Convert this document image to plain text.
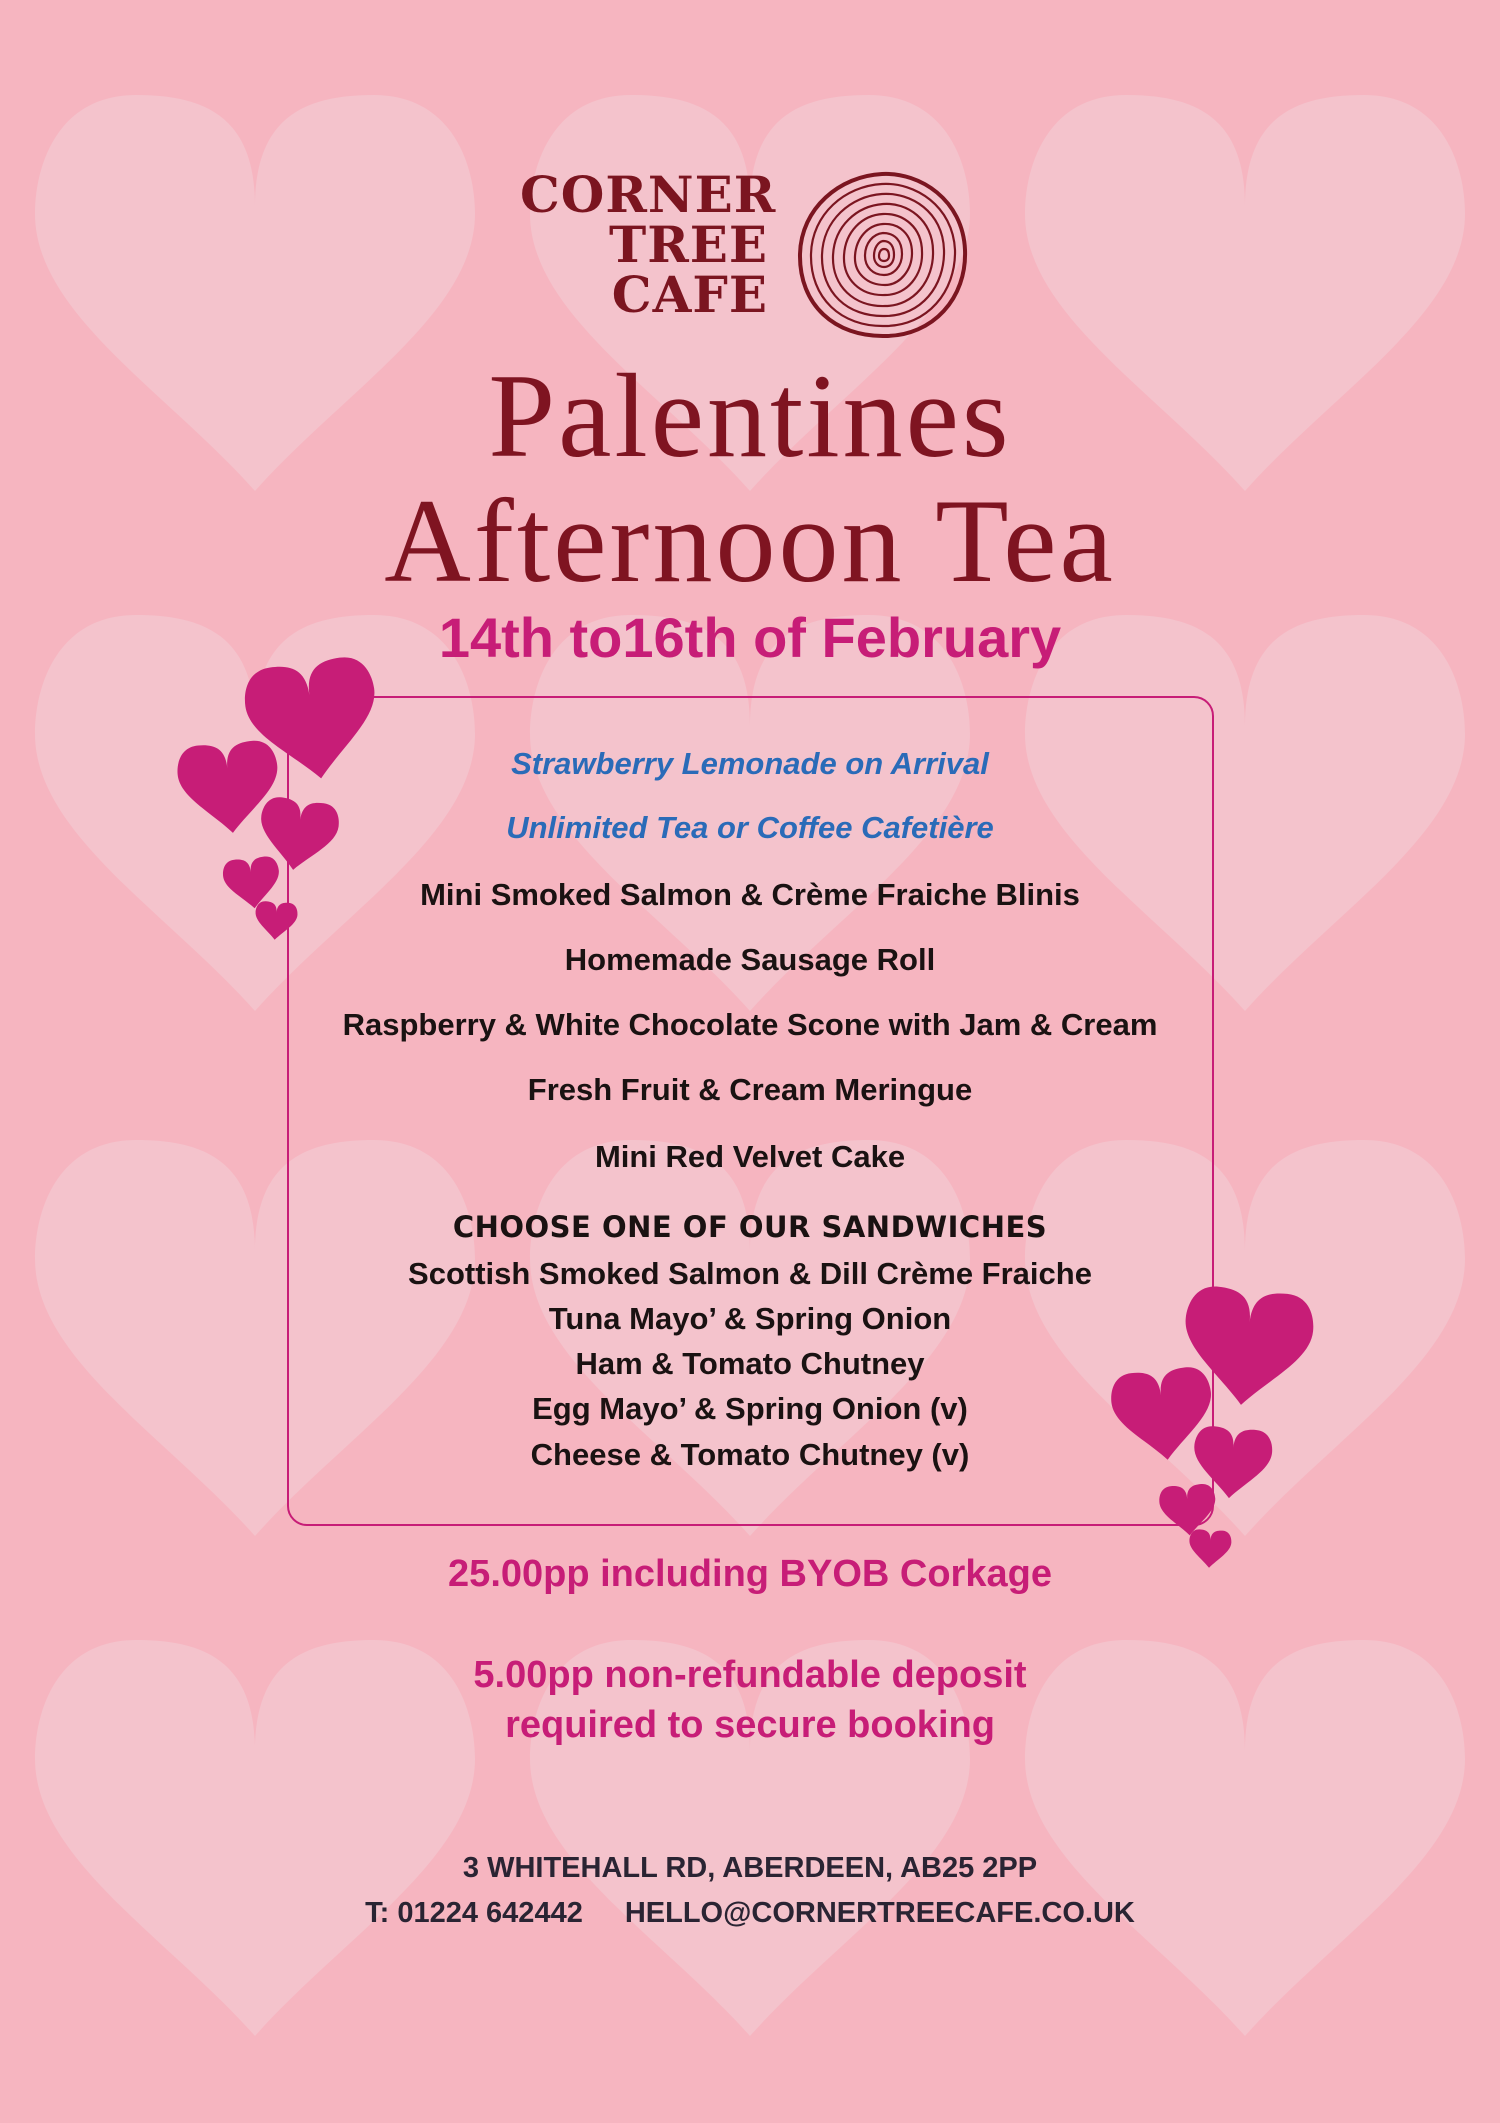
CORNER
TREE
CAFE
Palentines
Afternoon Tea
14th to16th of February
Strawberry Lemonade on Arrival
Unlimited Tea or Coffee Cafetière
Mini Smoked Salmon & Crème Fraiche Blinis
Homemade Sausage Roll
Raspberry & White Chocolate Scone with Jam & Cream
Fresh Fruit & Cream Meringue
Mini Red Velvet Cake
CHOOSE ONE OF OUR SANDWICHES
Scottish Smoked Salmon & Dill Crème Fraiche
Tuna Mayo’ & Spring Onion
Ham & Tomato Chutney
Egg Mayo’ & Spring Onion (v)
Cheese & Tomato Chutney (v)
25.00pp including BYOB Corkage
5.00pp non-refundable deposit
required to secure booking
3 WHITEHALL RD, ABERDEEN, AB25 2PP
T: 01224 642442 HELLO@CORNERTREECAFE.CO.UK
